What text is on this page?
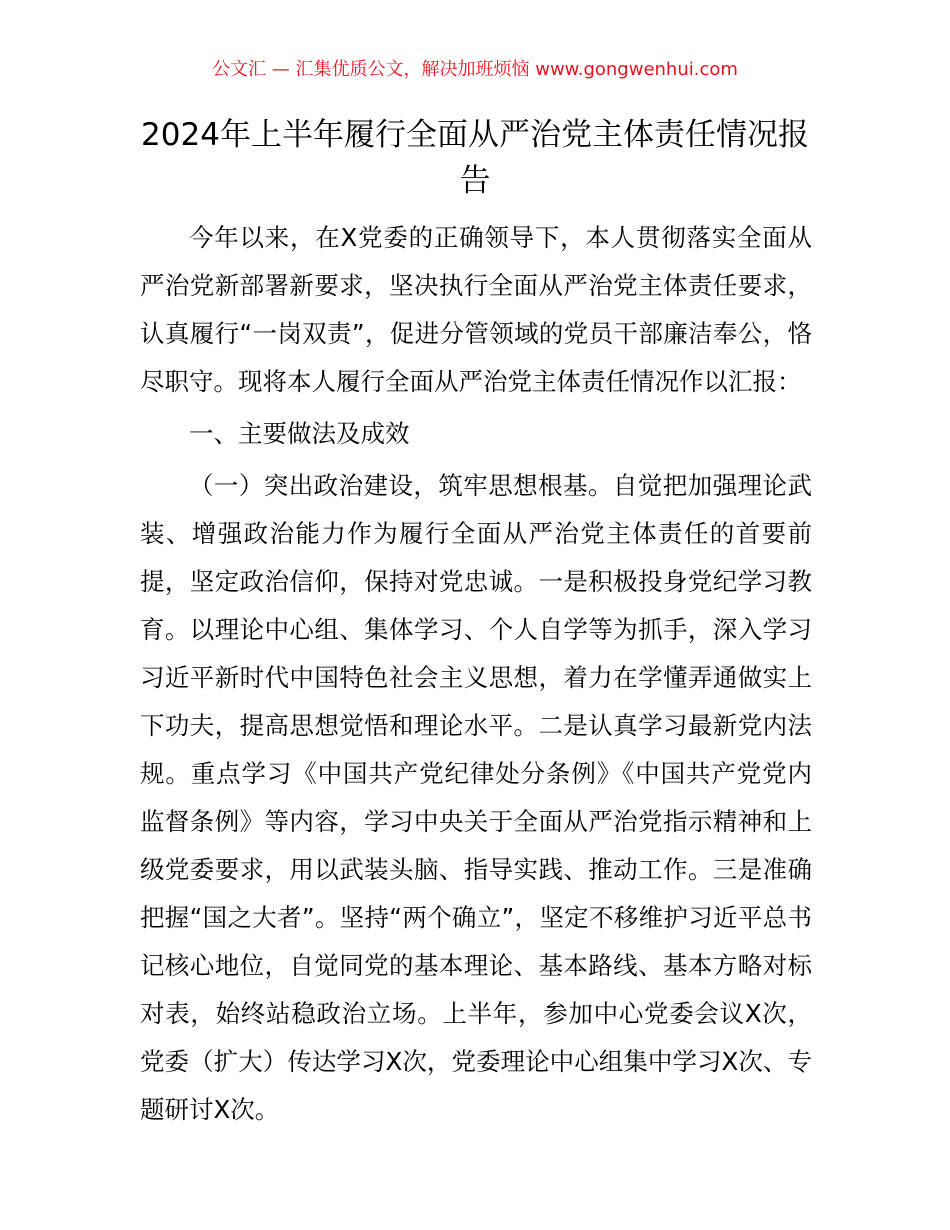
公文汇 — 汇集优质公文，解决加班烦恼 www.gongwenhui.com
2024年上半年履行全面从严治党主体责任情况报告

今年以来，在X党委的正确领导下，本人贯彻落实全面从严治党新部署新要求，坚决执行全面从严治党主体责任要求，认真履行“一岗双责”，促进分管领域的党员干部廉洁奉公，恪尽职守。现将本人履行全面从严治党主体责任情况作以汇报：

一、主要做法及成效

（一）突出政治建设，筑牢思想根基。自觉把加强理论武装、增强政治能力作为履行全面从严治党主体责任的首要前提，坚定政治信仰，保持对党忠诚。一是积极投身党纪学习教育。以理论中心组、集体学习、个人自学等为抓手，深入学习习近平新时代中国特色社会主义思想，着力在学懂弄通做实上下功夫，提高思想觉悟和理论水平。二是认真学习最新党内法规。重点学习《中国共产党纪律处分条例》《中国共产党党内监督条例》等内容，学习中央关于全面从严治党指示精神和上级党委要求，用以武装头脑、指导实践、推动工作。三是准确把握“国之大者”。坚持“两个确立”，坚定不移维护习近平总书记核心地位，自觉同党的基本理论、基本路线、基本方略对标对表，始终站稳政治立场。上半年，参加中心党委会议X次，党委（扩大）传达学习X次，党委理论中心组集中学习X次、专题研讨X次。
